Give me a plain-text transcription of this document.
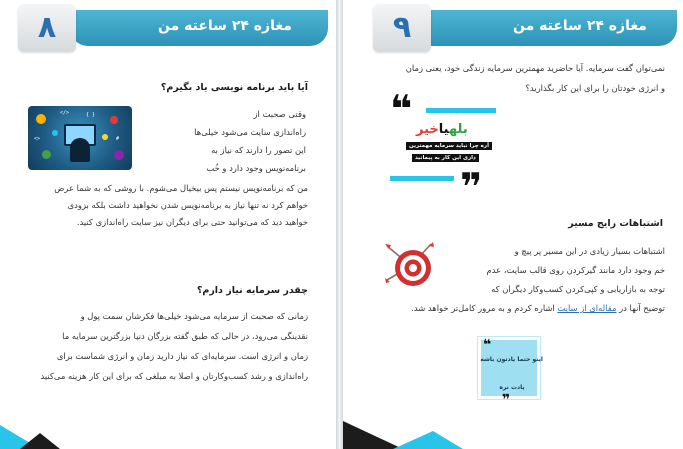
مغازه ۲۴ ساعته من
۸
آیا باید برنامه نویسی یاد بگیرم؟
</>	{ }
<>	#
وقتی صحبت از
راه‌اندازی سایت می‌شود خیلی‌ها
این تصور را دارند که نیاز به
برنامه‌نویس وجود دارد و خُب
من که برنامه‌نویس نیستم پس بیخیال می‌شوم. با روشی که به شما عرض
خواهم کرد نه تنها نیاز به برنامه‌نویس شدن نخواهید داشت بلکه بزودی
خواهید دید که می‌توانید حتی برای دیگران نیز سایت راه‌اندازی کنید.
چقدر سرمایه نیاز دارم؟
زمانی که صحبت از سرمایه می‌شود خیلی‌ها فکرشان سمت پول و
نقدینگی می‌رود، در حالی که طبق گفته بزرگان دنیا بزرگترین سرمایه ما
زمان و انرژی است. سرمایه‌ای که نیاز دارید زمان و انرژی شماست برای
راه‌اندازی و رشد کسب‌وکارتان و اصلا به مبلغی که برای این کار هزینه می‌کنید
مغازه ۲۴ ساعته من
۹
نمی‌توان گفت سرمایه. آیا حاضرید مهمترین سرمایه زندگی خود، یعنی زمان
و انرژی خودتان را برای این کار بگذارید؟
اشتباهات رایج مسیر
اشتباهات بسیار زیادی در این مسیر پر پیچ و
خم وجود دارد مانند گیرکردن روی قالب سایت، عدم
توجه به بازاریابی و کپی‌کردن کسب‌وکار دیگران که
توضیح آنها در مقاله‌ای از سایت اشاره کردم و به مرور کامل‌تر خواهد شد.
❝	بلهیاخیر
آره چرا نباید سرمایه مهمترین
ذاری این کار به پیمانید
❞
❝
اینو حتما یادتون باشه
یادت نره
❞
